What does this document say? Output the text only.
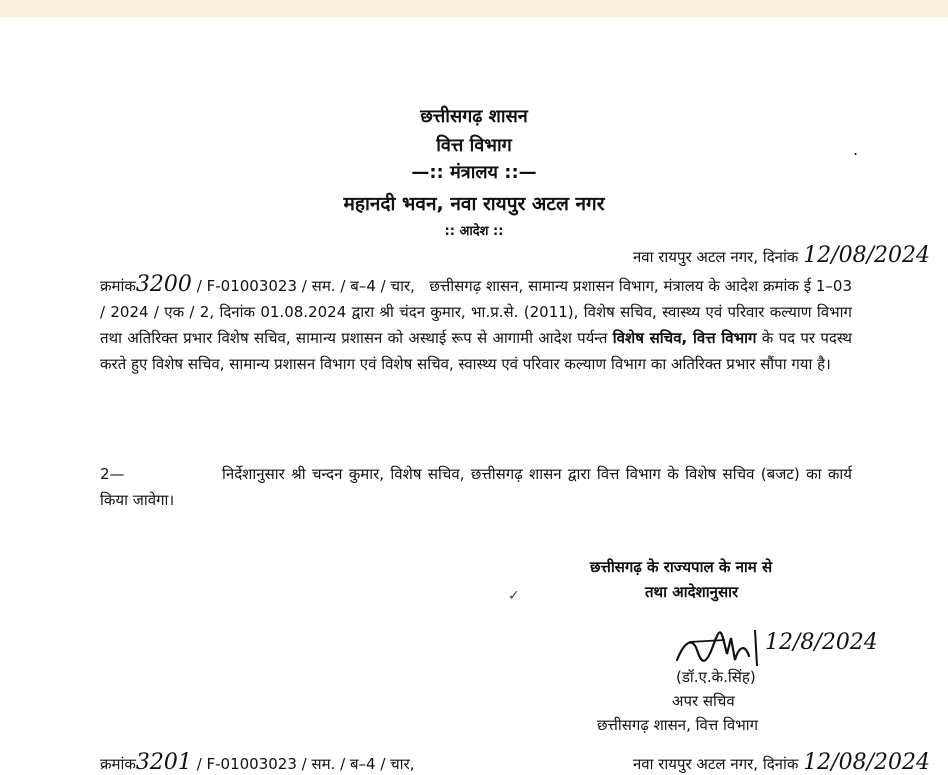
छत्तीसगढ़ शासन
वित्त विभाग
—:: मंत्रालय ::—
महानदी भवन, नवा रायपुर अटल नगर
:: आदेश ::
.
नवा रायपुर अटल नगर, दिनांक 12/08/2024

क्रमांक3200 / F-01003023 / सम. / ब–4 / चार, छत्तीसगढ़ शासन, सामान्य प्रशासन विभाग, मंत्रालय के आदेश क्रमांक ई 1–03 / 2024 / एक / 2, दिनांक 01.08.2024 द्वारा श्री चंदन कुमार, भा.प्र.से. (2011), विशेष सचिव, स्वास्थ्य एवं परिवार कल्याण विभाग तथा अतिरिक्त प्रभार विशेष सचिव, सामान्य प्रशासन को अस्थाई रूप से आगामी आदेश पर्यन्त विशेष सचिव, वित्त विभाग के पद पर पदस्थ करते हुए विशेष सचिव, सामान्य प्रशासन विभाग एवं विशेष सचिव, स्वास्थ्य एवं परिवार कल्याण विभाग का अतिरिक्त प्रभार सौंपा गया है।

2—	निर्देशानुसार श्री चन्दन कुमार, विशेष सचिव, छत्तीसगढ़ शासन द्वारा वित्त विभाग के विशेष सचिव (बजट) का कार्य किया जावेगा।

छत्तीसगढ़ के राज्यपाल के नाम से
तथा आदेशानुसार
✓
12/8/2024
(डॉ.ए.के.सिंह)
अपर सचिव
छत्तीसगढ़ शासन, वित्त विभाग
क्रमांक3201 / F-01003023 / सम. / ब–4 / चार,	नवा रायपुर अटल नगर, दिनांक 12/08/2024
